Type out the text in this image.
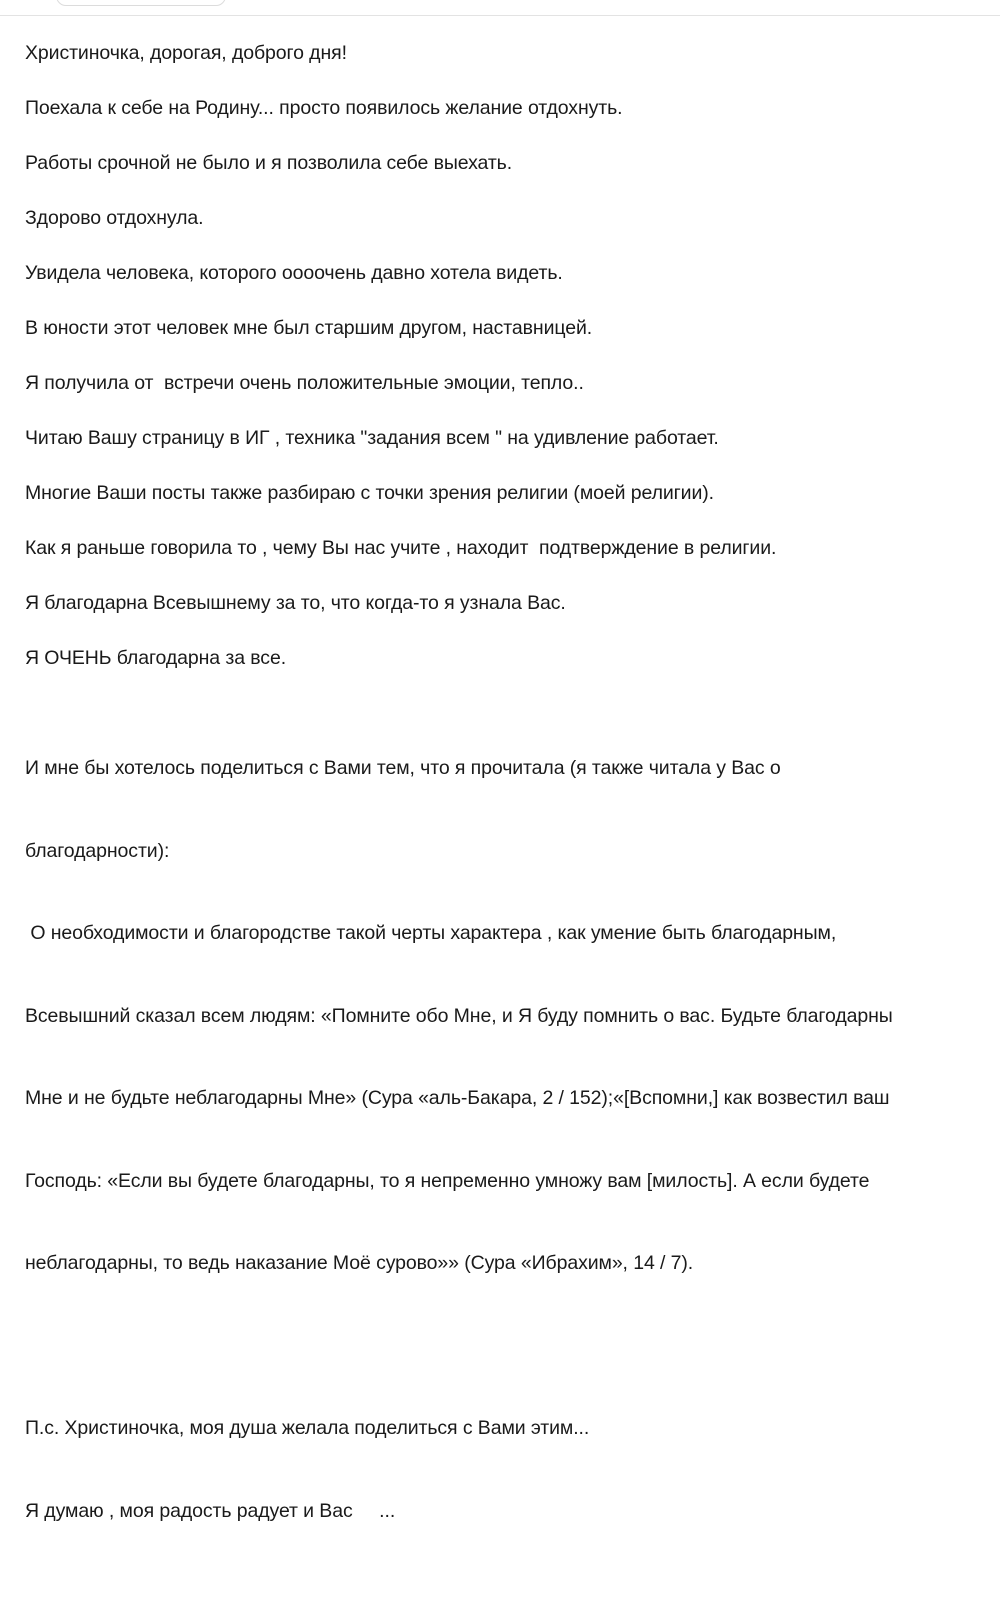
Христиночка, дорогая, доброго дня!

Поехала к себе на Родину... просто появилось желание отдохнуть.

Работы срочной не было и я позволила себе выехать.

Здорово отдохнула.

Увидела человека, которого оооочень давно хотела видеть.

В юности этот человек мне был старшим другом, наставницей.

Я получила от  встречи очень положительные эмоции, тепло..

Читаю Вашу страницу в ИГ , техника "задания всем " на удивление работает.

Многие Ваши посты также разбираю с точки зрения религии (моей религии).

Как я раньше говорила то , чему Вы нас учите , находит  подтверждение в религии.

Я благодарна Всевышнему за то, что когда-то я узнала Вас.

Я ОЧЕНЬ благодарна за все.

И мне бы хотелось поделиться с Вами тем, что я прочитала (я также читала у Вас о

благодарности):

О необходимости и благородстве такой черты характера , как умение быть благодарным,

Всевышний сказал всем людям: «Помните обо Мне, и Я буду помнить о вас. Будьте благодарны

Мне и не будьте неблагодарны Мне» (Сура «аль-Бакара, 2 / 152);«[Вспомни,] как возвестил ваш

Господь: «Если вы будете благодарны, то я непременно умножу вам [милость]. А если будете

неблагодарны, то ведь наказание Моё сурово»» (Сура «Ибрахим», 14 / 7).

П.с. Христиночка, моя душа желала поделиться с Вами этим...

Я думаю , моя радость радует и Вас     ...
